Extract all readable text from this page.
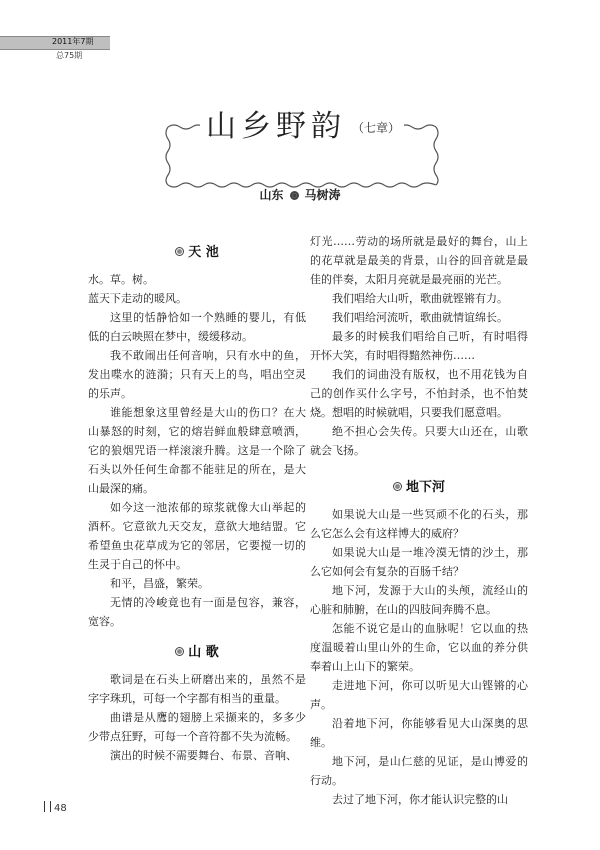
2011年7期
总75期
山乡野韵 （七章）
山东 马树涛
天 池

水。草。树。

蓝天下走动的暖风。

这里的恬静恰如一个熟睡的婴儿，有低低的白云映照在梦中，缓缓移动。

我不敢闹出任何音响，只有水中的鱼，发出喋水的涟漪；只有天上的鸟，唱出空灵的乐声。

谁能想象这里曾经是大山的伤口？在大山暴怒的时刻，它的熔岩鲜血般肆意喷洒，它的狼烟咒语一样滚滚升腾。这是一个除了石头以外任何生命都不能驻足的所在，是大山最深的痛。

如今这一池浓郁的琼浆就像大山举起的酒杯。它意欲九天交友，意欲大地结盟。它希望鱼虫花草成为它的邻居，它要搅一切的生灵于自己的怀中。

和平，昌盛，繁荣。

无情的冷峻竟也有一面是包容，兼容，宽容。

山 歌

歌词是在石头上研磨出来的，虽然不是字字珠玑，可每一个字都有相当的重量。

曲谱是从鹰的翅膀上采撷来的，多多少少带点狂野，可每一个音符都不失为流畅。

演出的时候不需要舞台、布景、音响、

灯光……劳动的场所就是最好的舞台，山上的花草就是最美的背景，山谷的回音就是最佳的伴奏，太阳月亮就是最亮丽的光芒。

我们唱给大山听，歌曲就铿锵有力。

我们唱给河流听，歌曲就情谊绵长。

最多的时候我们唱给自己听，有时唱得开怀大笑，有时唱得黯然神伤……

我们的词曲没有版权，也不用花钱为自己的创作买什么字号，不怕封杀，也不怕焚烧。想唱的时候就唱，只要我们愿意唱。

绝不担心会失传。只要大山还在，山歌就会飞扬。

地下河

如果说大山是一些冥顽不化的石头，那么它怎么会有这样博大的威府？

如果说大山是一堆冷漠无情的沙土，那么它如何会有复杂的百肠千结？

地下河，发源于大山的头颅，流经山的心脏和肺腑，在山的四肢间奔腾不息。

怎能不说它是山的血脉呢！它以血的热度温暖着山里山外的生命，它以血的养分供奉着山上山下的繁荣。

走进地下河，你可以听见大山铿锵的心声。

沿着地下河，你能够看见大山深奥的思维。

地下河，是山仁慈的见证，是山博爱的行动。

去过了地下河，你才能认识完整的山

48
